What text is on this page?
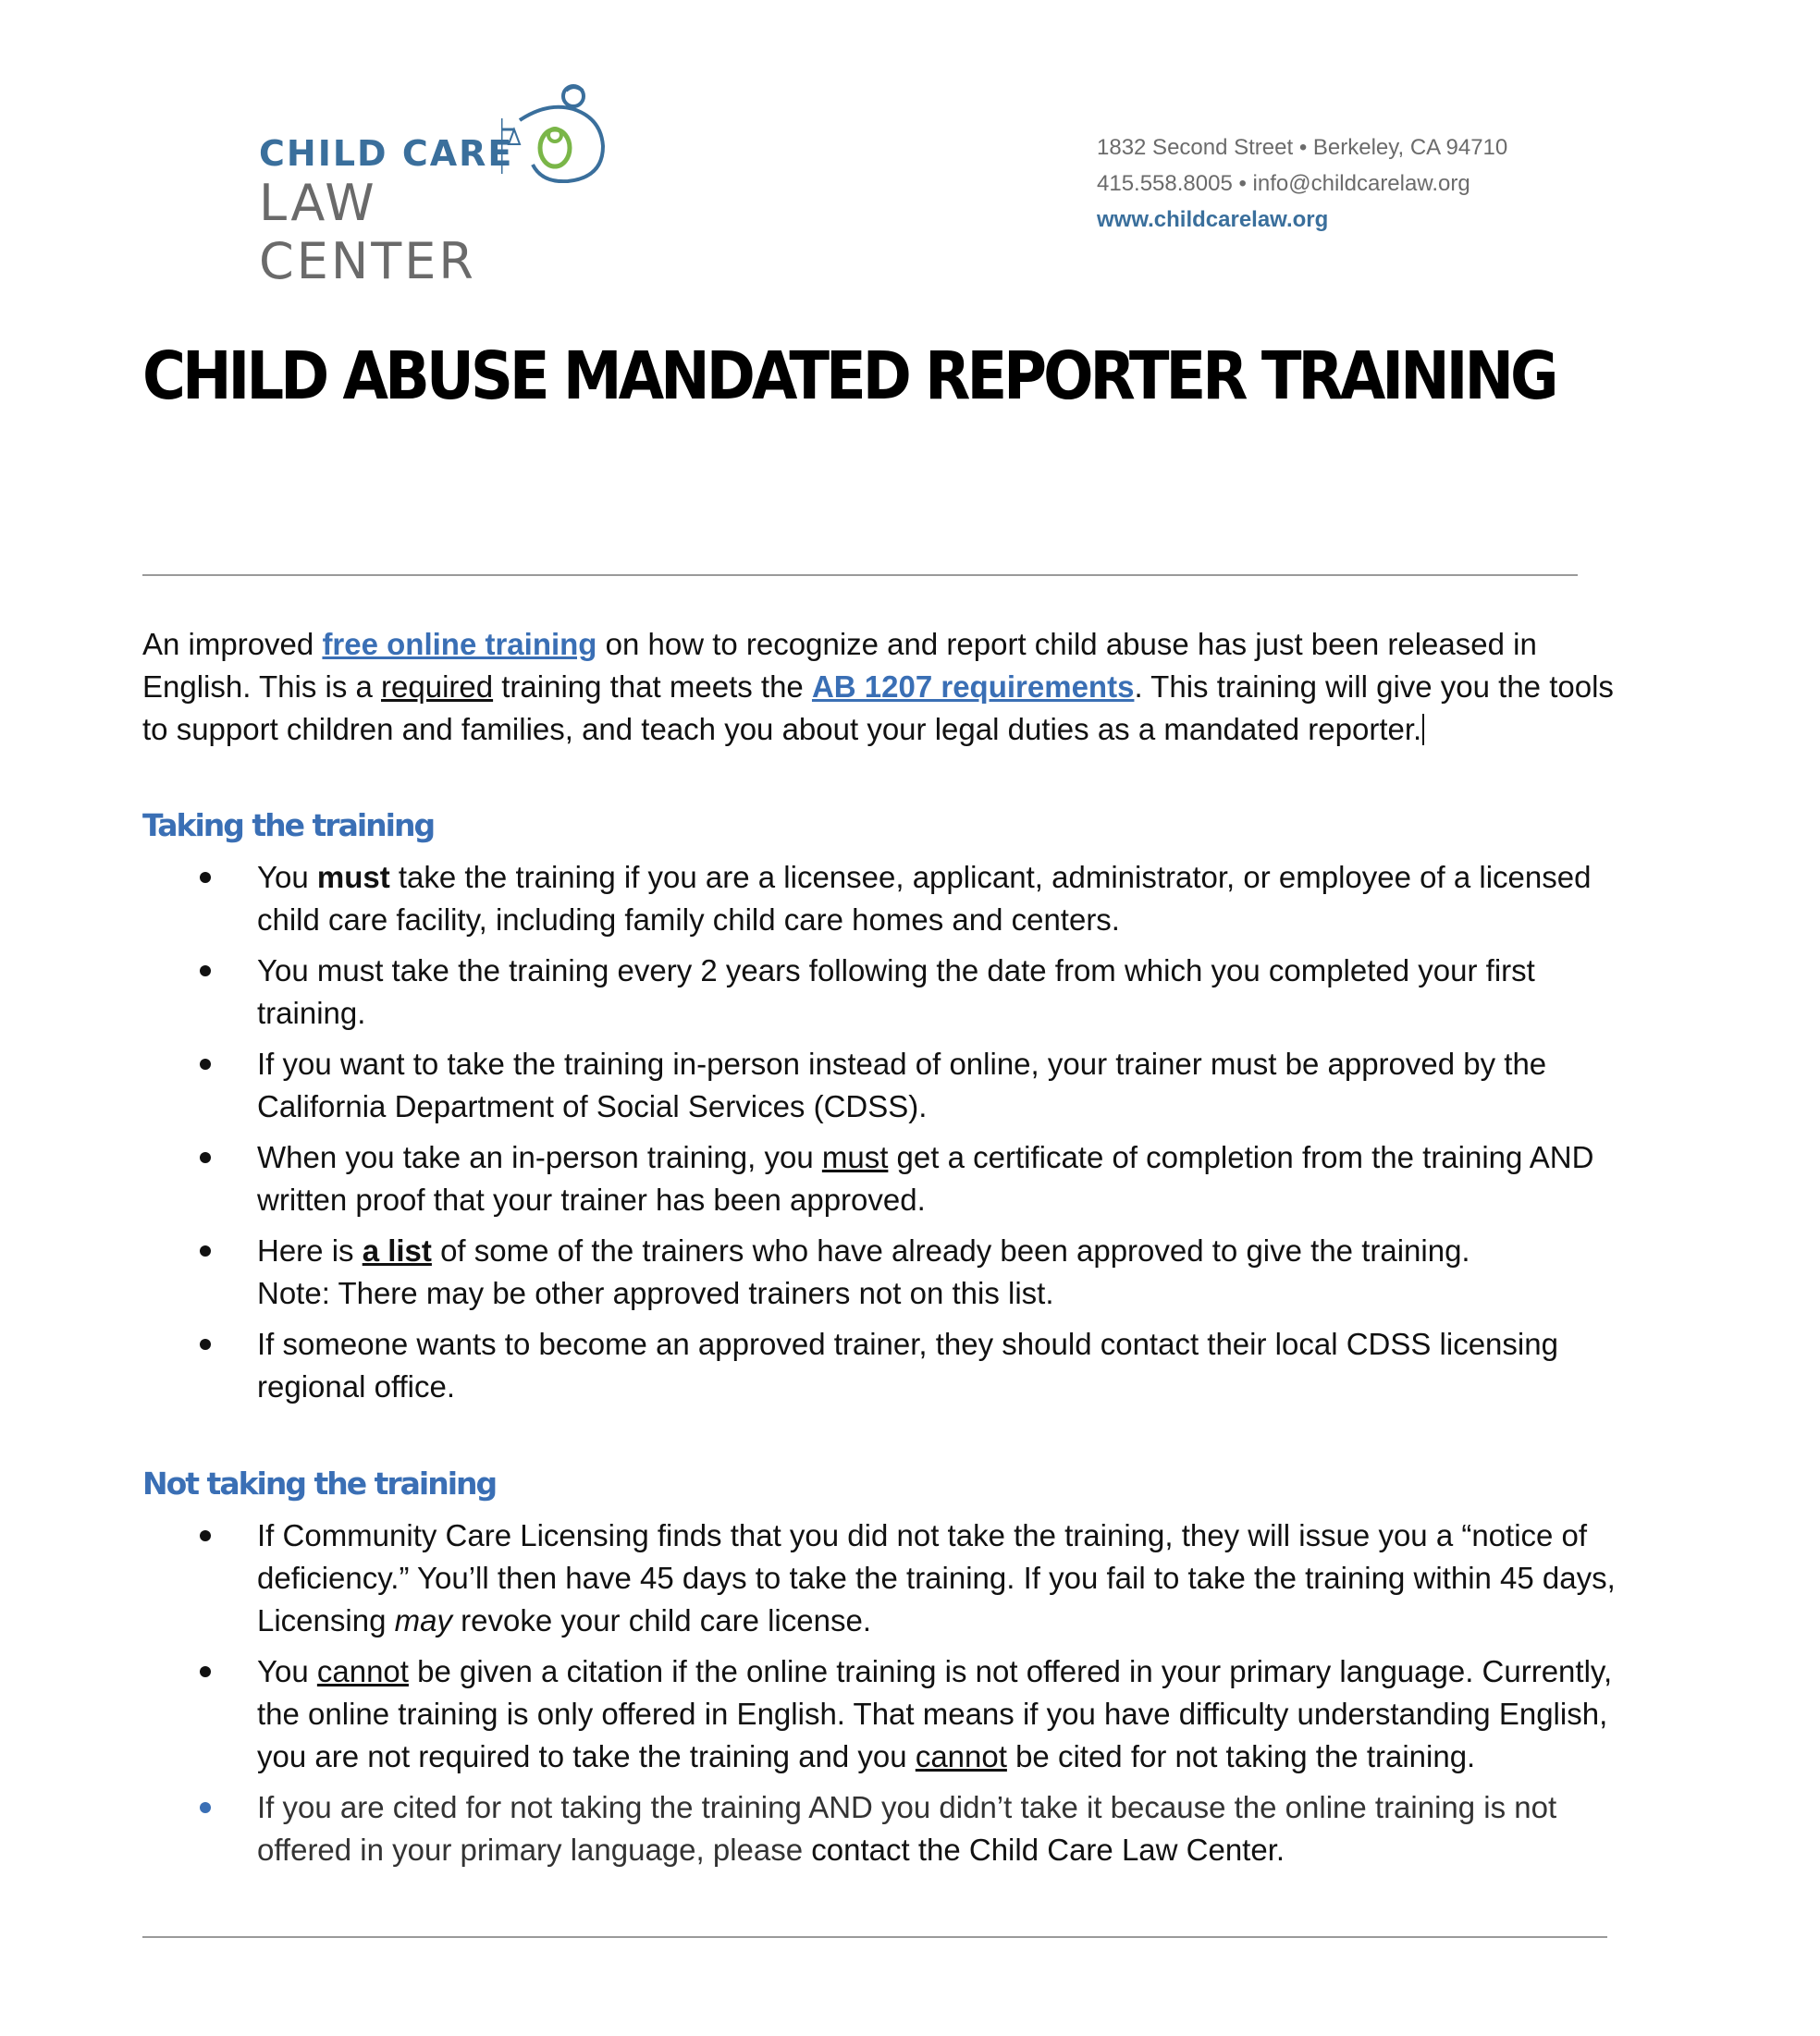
CHILD CARE
LAW CENTER
1832 Second Street • Berkeley, CA 94710
415.558.8005 • info@childcarelaw.org
www.childcarelaw.org
CHILD ABUSE MANDATED REPORTER TRAINING

An improved free online training on how to recognize and report child abuse has just been released in English. This is a required training that meets the AB 1207 requirements. This training will give you the tools to support children and families, and teach you about your legal duties as a mandated reporter.

Taking the training
You must take the training if you are a licensee, applicant, administrator, or employee of a licensed child care facility, including family child care homes and centers.
You must take the training every 2 years following the date from which you completed your first training.
If you want to take the training in-person instead of online, your trainer must be approved by the California Department of Social Services (CDSS).
When you take an in-person training, you must get a certificate of completion from the training AND written proof that your trainer has been approved.
Here is a list of some of the trainers who have already been approved to give the training.
Note: There may be other approved trainers not on this list.
If someone wants to become an approved trainer, they should contact their local CDSS licensing regional office.
Not taking the training
If Community Care Licensing finds that you did not take the training, they will issue you a “notice of deficiency.” You’ll then have 45 days to take the training. If you fail to take the training within 45 days, Licensing may revoke your child care license.
You cannot be given a citation if the online training is not offered in your primary language. Currently, the online training is only offered in English. That means if you have difficulty understanding English, you are not required to take the training and you cannot be cited for not taking the training.
If you are cited for not taking the training AND you didn’t take it because the online training is not offered in your primary language, please contact the Child Care Law Center.
